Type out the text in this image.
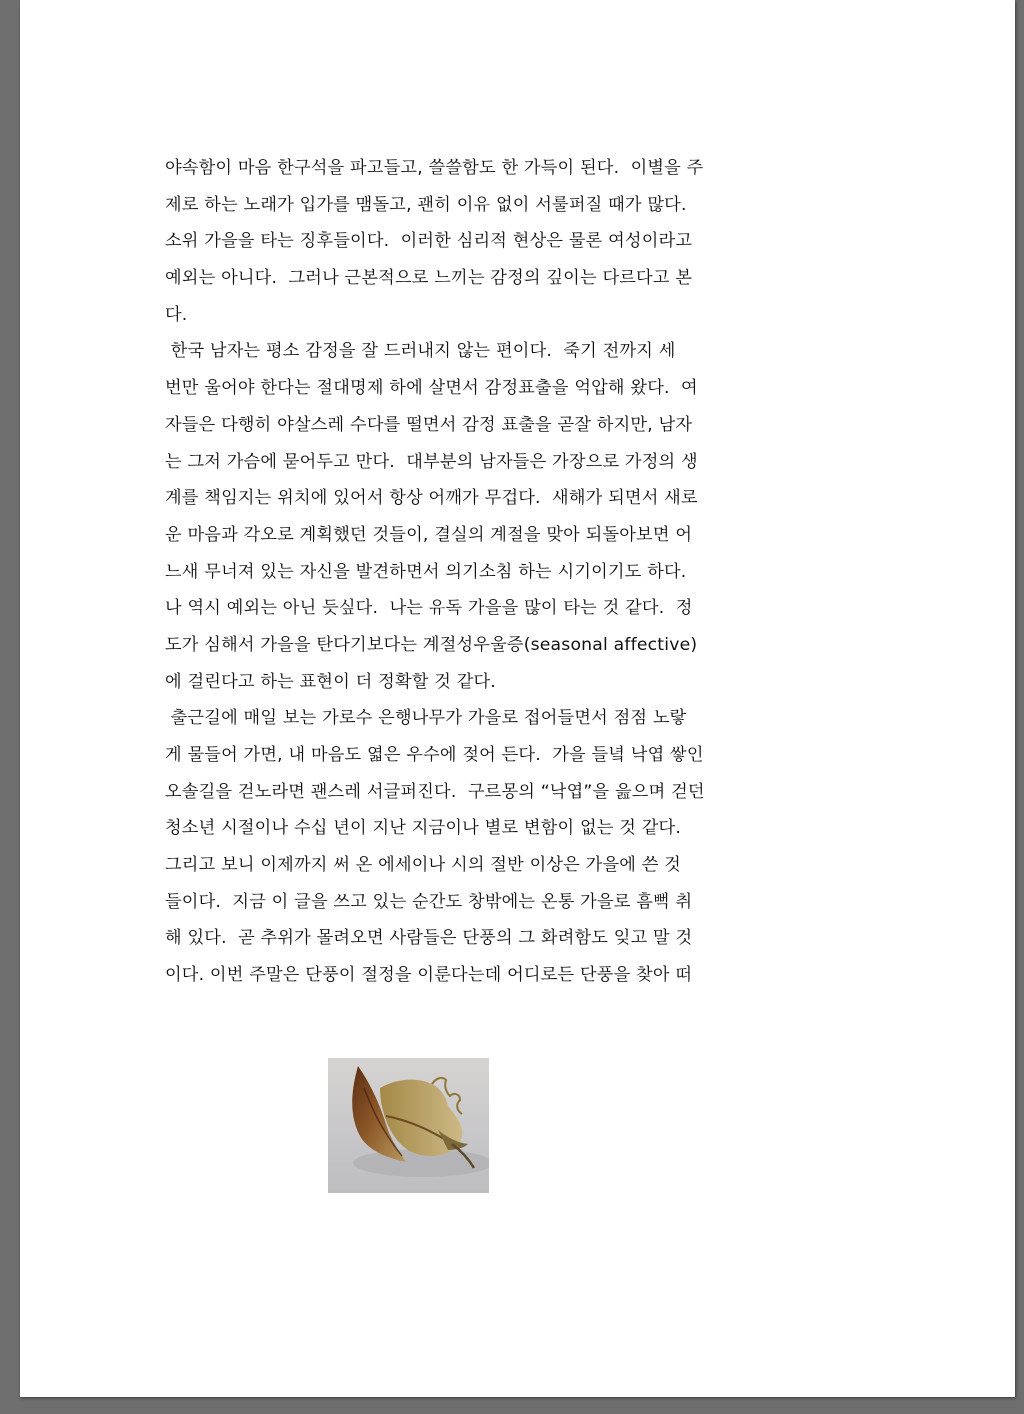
야속함이 마음 한구석을 파고들고, 쓸쓸함도 한 가득이 된다.  이별을 주
제로 하는 노래가 입가를 맴돌고, 괜히 이유 없이 서룰퍼질 때가 많다.
소위 가을을 타는 징후들이다.  이러한 심리적 현상은 물론 여성이라고
예외는 아니다.  그러나 근본적으로 느끼는 감정의 깊이는 다르다고 본
다.
한국 남자는 평소 감정을 잘 드러내지 않는 편이다.  죽기 전까지 세
번만 울어야 한다는 절대명제 하에 살면서 감정표출을 억압해 왔다.  여
자들은 다행히 야살스레 수다를 떨면서 감정 표출을 곧잘 하지만, 남자
는 그저 가슴에 묻어두고 만다.  대부분의 남자들은 가장으로 가정의 생
계를 책임지는 위치에 있어서 항상 어깨가 무겁다.  새해가 되면서 새로
운 마음과 각오로 계획했던 것들이, 결실의 계절을 맞아 되돌아보면 어
느새 무너져 있는 자신을 발견하면서 의기소침 하는 시기이기도 하다.
나 역시 예외는 아닌 듯싶다.  나는 유독 가을을 많이 타는 것 같다.  정
도가 심해서 가을을 탄다기보다는 계절성우울증(seasonal affective)
에 걸린다고 하는 표현이 더 정확할 것 같다.
출근길에 매일 보는 가로수 은행나무가 가을로 접어들면서 점점 노랗
게 물들어 가면, 내 마음도 엷은 우수에 젖어 든다.  가을 들녘 낙엽 쌓인
오솔길을 걷노라면 괜스레 서글퍼진다.  구르몽의 “낙엽”을 읊으며 걷던
청소년 시절이나 수십 년이 지난 지금이나 별로 변함이 없는 것 같다.
그리고 보니 이제까지 써 온 에세이나 시의 절반 이상은 가을에 쓴 것
들이다.  지금 이 글을 쓰고 있는 순간도 창밖에는 온통 가을로 흠뻑 취
해 있다.  곧 추위가 몰려오면 사람들은 단풍의 그 화려함도 잊고 말 것
이다. 이번 주말은 단풍이 절정을 이룬다는데 어디로든 단풍을 찾아 떠
